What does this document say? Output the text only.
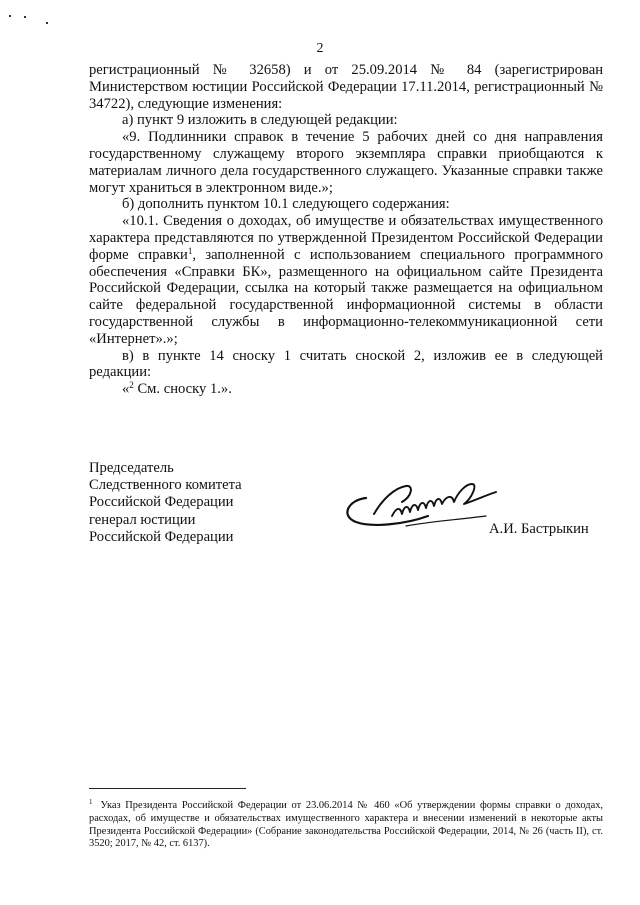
2

регистрационный № 32658) и от 25.09.2014 № 84 (зарегистрирован Министерством юстиции Российской Федерации 17.11.2014, регистрационный № 34722), следующие изменения:

а) пункт 9 изложить в следующей редакции:

«9. Подлинники справок в течение 5 рабочих дней со дня направления государственному служащему второго экземпляра справки приобщаются к материалам личного дела государственного служащего. Указанные справки также могут храниться в электронном виде.»;

б) дополнить пунктом 10.1 следующего содержания:

«10.1. Сведения о доходах, об имуществе и обязательствах имущественного характера представляются по утвержденной Президентом Российской Федерации форме справки$^1$, заполненной с использованием специального программного обеспечения «Справки БК», размещенного на официальном сайте Президента Российской Федерации, ссылка на который также размещается на официальном сайте федеральной государственной информационной системы в области государственной службы в информационно-телекоммуникационной сети «Интернет».»;

в) в пункте 14 сноску 1 считать сноской 2, изложив ее в следующей редакции:

«$^2$ См. сноску 1.».

Председатель
Следственного комитета
Российской Федерации
генерал юстиции
Российской Федерации	А.И. Бастрыкин
$^1$ Указ Президента Российской Федерации от 23.06.2014 № 460 «Об утверждении формы справки о доходах, расходах, об имуществе и обязательствах имущественного характера и внесении изменений в некоторые акты Президента Российской Федерации» (Собрание законодательства Российской Федерации, 2014, № 26 (часть II), ст. 3520; 2017, № 42, ст. 6137).
